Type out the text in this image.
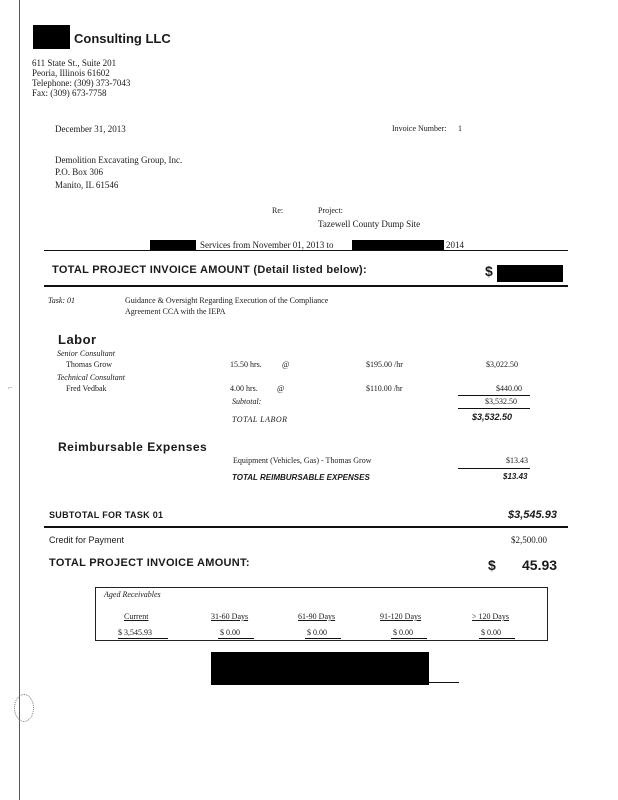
⌐
Consulting LLC
611 State St., Suite 201
Peoria, Illinois 61602
Telephone: (309) 373-7043
Fax: (309) 673-7758
December 31, 2013	Invoice Number: 1
Demolition Excavating Group, Inc.
P.O. Box 306
Manito, IL 61546
Re:	Project:
Tazewell County Dump Site
Services from November 01, 2013 to	2014
TOTAL PROJECT INVOICE AMOUNT (Detail listed below):	$
Task: 01	Guidance & Oversight Regarding Execution of the Compliance
Agreement CCA with the IEPA
Labor
Senior Consultant
Thomas Grow	15.50 hrs.	@	$195.00 /hr	$3,022.50
Technical Consultant
Fred Vedbak	4.00 hrs. @	$110.00 /hr	$440.00
Subtotal:	$3,532.50
TOTAL LABOR	$3,532.50
Reimbursable Expenses
Equipment (Vehicles, Gas) - Thomas Grow	$13.43
TOTAL REIMBURSABLE EXPENSES	$13.43
SUBTOTAL FOR TASK 01	$3,545.93
Credit for Payment	$2,500.00
TOTAL PROJECT INVOICE AMOUNT:	$ 45.93
Aged Receivables
Current	31-60 Days	61-90 Days	91-120 Days	> 120 Days
$ 3,545.93	$ 0.00	$ 0.00	$ 0.00	$ 0.00
